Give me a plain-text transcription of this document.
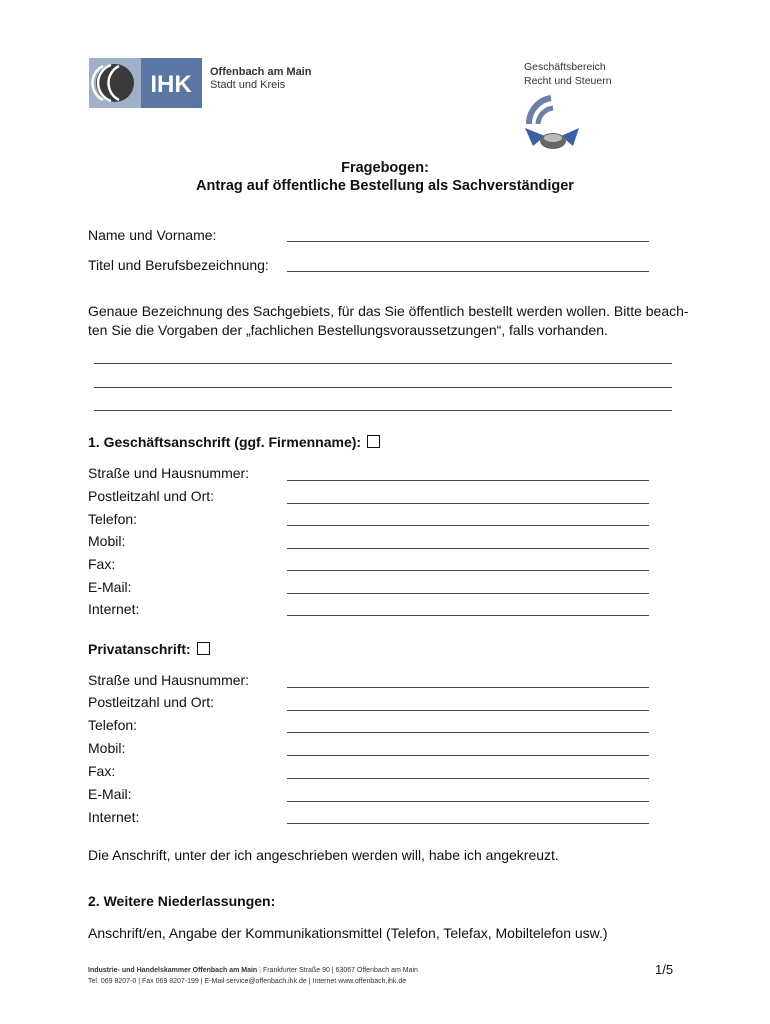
IHK Offenbach am Main
Stadt und Kreis
Geschäftsbereich
Recht und Steuern
Fragebogen:
Antrag auf öffentliche Bestellung als Sachverständiger
Name und Vorname:
Titel und Berufsbezeichnung:
Genaue Bezeichnung des Sachgebiets, für das Sie öffentlich bestellt werden wollen. Bitte beach-
ten Sie die Vorgaben der „fachlichen Bestellungsvoraussetzungen“, falls vorhanden.
1. Geschäftsanschrift (ggf. Firmenname):
Straße und Hausnummer:
Postleitzahl und Ort:
Telefon:
Mobil:
Fax:
E-Mail:
Internet:
Privatanschrift:
Straße und Hausnummer:
Postleitzahl und Ort:
Telefon:
Mobil:
Fax:
E-Mail:
Internet:
Die Anschrift, unter der ich angeschrieben werden will, habe ich angekreuzt.
2. Weitere Niederlassungen:
Anschrift/en, Angabe der Kommunikationsmittel (Telefon, Telefax, Mobiltelefon usw.)
Industrie- und Handelskammer Offenbach am Main | Frankfurter Straße 90 | 63067 Offenbach am Main
Tel. 069 8207-0 | Fax 069 8207-199 | E-Mail service@offenbach.ihk.de | Internet www.offenbach.ihk.de
1/5
